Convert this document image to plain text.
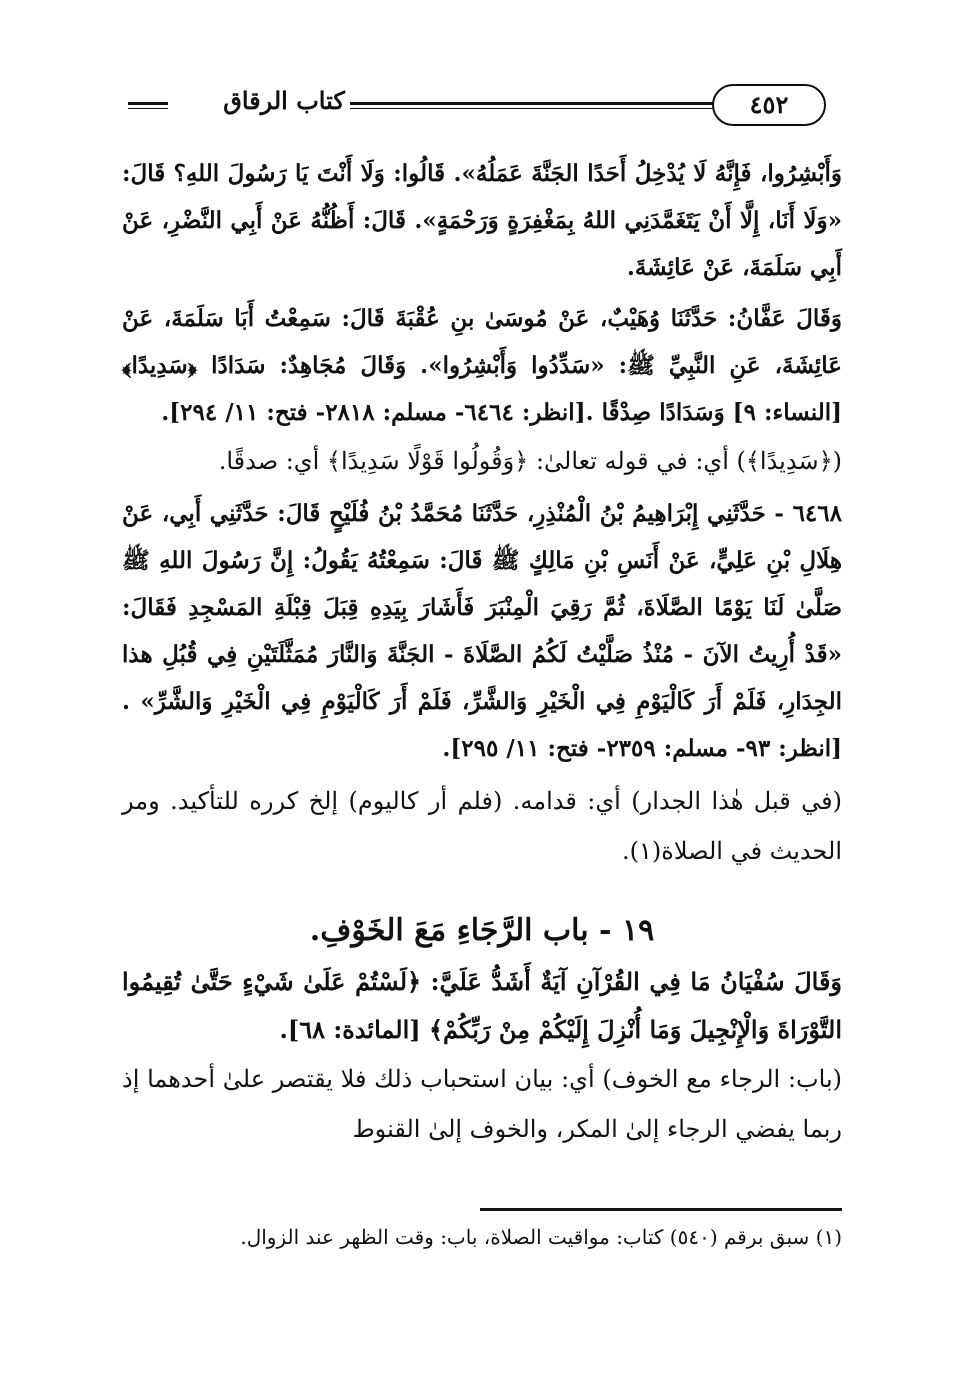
كتاب الرقاق	٤٥٢

وَأَبْشِرُوا، فَإِنَّهُ لَا يُدْخِلُ أَحَدًا الجَنَّةَ عَمَلُهُ». قَالُوا: وَلَا أَنْتَ يَا رَسُولَ اللهِ؟ قَالَ: «وَلَا أَنَا، إِلَّا أَنْ يَتَغَمَّدَنِي اللهُ بِمَغْفِرَةٍ وَرَحْمَةٍ». قَالَ: أَظُنُّهُ عَنْ أَبِي النَّضْرِ، عَنْ أَبِي سَلَمَةَ، عَنْ عَائِشَةَ.

وَقَالَ عَفَّانُ: حَدَّثَنَا وُهَيْبٌ، عَنْ مُوسَىٰ بنِ عُقْبَةَ قَالَ: سَمِعْتُ أَبَا سَلَمَةَ، عَنْ عَائِشَةَ، عَنِ النَّبِيِّ ﷺ: «سَدِّدُوا وَأَبْشِرُوا». وَقَالَ مُجَاهِدٌ: سَدَادًا ﴿سَدِيدًا﴾ [النساء: ٩] وَسَدَادًا صِدْقًا .[انظر: ٦٤٦٤- مسلم: ٢٨١٨- فتح: ١١/ ٢٩٤].

(﴿سَدِيدًا﴾) أي: في قوله تعالىٰ: ﴿وَقُولُوا قَوْلًا سَدِيدًا﴾ أي: صدقًا.

٦٤٦٨ - حَدَّثَنِي إِبْرَاهِيمُ بْنُ الْمُنْذِرِ، حَدَّثَنَا مُحَمَّدُ بْنُ فُلَيْحٍ قَالَ: حَدَّثَنِي أَبِي، عَنْ هِلَالِ بْنِ عَلِيٍّ، عَنْ أَنَسِ بْنِ مَالِكٍ ﷺ قَالَ: سَمِعْتُهُ يَقُولُ: إِنَّ رَسُولَ اللهِ ﷺ صَلَّىٰ لَنَا يَوْمًا الصَّلَاةَ، ثُمَّ رَقِيَ الْمِنْبَرَ فَأَشَارَ بِيَدِهِ قِبَلَ قِبْلَةِ المَسْجِدِ فَقَالَ: «قَدْ أُرِيتُ الآنَ - مُنْذُ صَلَّيْتُ لَكُمُ الصَّلَاةَ - الجَنَّةَ وَالنَّارَ مُمَثَّلَتَيْنِ فِي قُبُلِ هذا الجِدَارِ، فَلَمْ أَرَ كَالْيَوْمِ فِي الْخَيْرِ وَالشَّرِّ، فَلَمْ أَرَ كَالْيَوْمِ فِي الْخَيْرِ وَالشَّرِّ» .[انظر: ٩٣- مسلم: ٢٣٥٩- فتح: ١١/ ٢٩٥].

(في قبل هٰذا الجدار) أي: قدامه. (فلم أر كاليوم) إلخ كرره للتأكيد. ومر الحديث في الصلاة(١).

١٩ - باب الرَّجَاءِ مَعَ الخَوْفِ.

وَقَالَ سُفْيَانُ مَا فِي القُرْآنِ آيَةٌ أَشَدُّ عَلَيَّ: ﴿لَسْتُمْ عَلَىٰ شَيْءٍ حَتَّىٰ تُقِيمُوا التَّوْرَاةَ وَالْإِنْجِيلَ وَمَا أُنْزِلَ إِلَيْكُمْ مِنْ رَبِّكُمْ﴾ [المائدة: ٦٨].

(باب: الرجاء مع الخوف) أي: بيان استحباب ذلك فلا يقتصر علىٰ أحدهما إذ ربما يفضي الرجاء إلىٰ المكر، والخوف إلىٰ القنوط

(١) سبق برقم (٥٤٠) كتاب: مواقيت الصلاة، باب: وقت الظهر عند الزوال.
